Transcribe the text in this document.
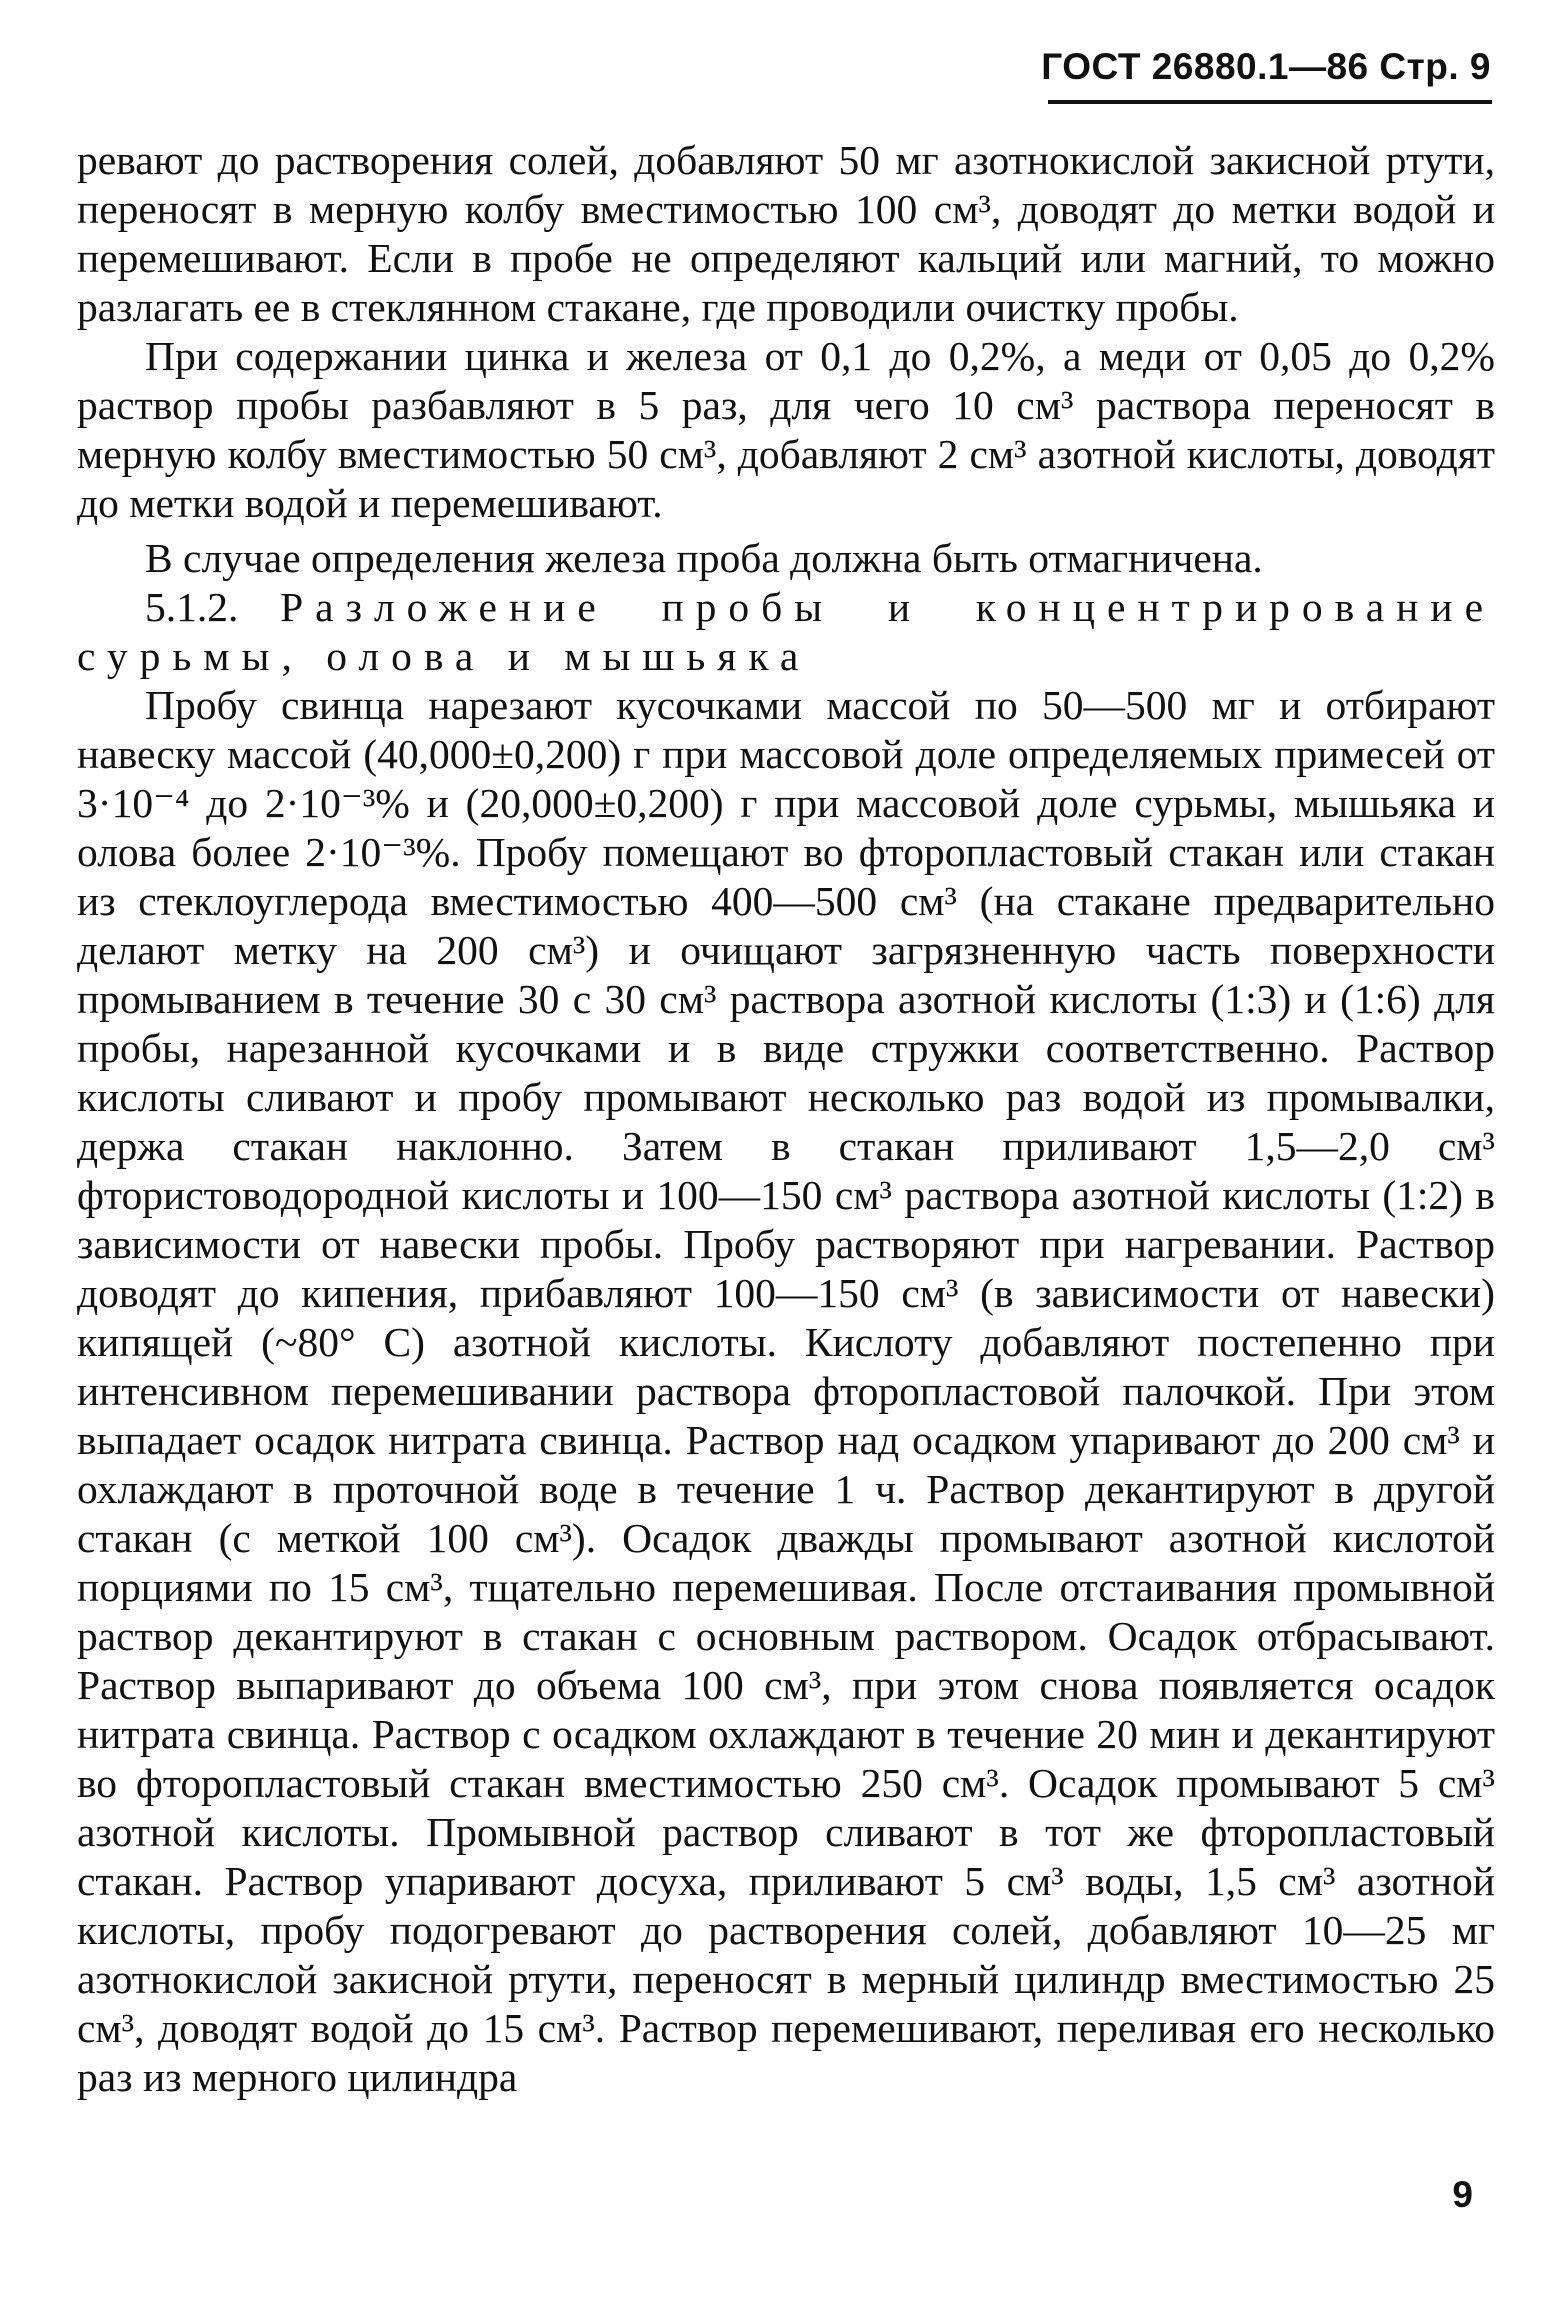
ГОСТ 26880.1—86 Стр. 9

ревают до растворения солей, добавляют 50 мг азотнокислой закисной ртути, переносят в мерную колбу вместимостью 100 см³, доводят до метки водой и перемешивают. Если в пробе не определяют кальций или магний, то можно разлагать ее в стеклянном стакане, где проводили очистку пробы.

При содержании цинка и железа от 0,1 до 0,2%, а меди от 0,05 до 0,2% раствор пробы разбавляют в 5 раз, для чего 10 см³ раствора переносят в мерную колбу вместимостью 50 см³, добавляют 2 см³ азотной кислоты, доводят до метки водой и перемешивают.

В случае определения железа проба должна быть отмагничена.

5.1.2. Разложение пробы и концентрирование сурьмы, олова и мышьяка

Пробу свинца нарезают кусочками массой по 50—500 мг и отбирают навеску массой (40,000±0,200) г при массовой доле определяемых примесей от 3·10⁻⁴ до 2·10⁻³% и (20,000±0,200) г при массовой доле сурьмы, мышьяка и олова более 2·10⁻³%. Пробу помещают во фторопластовый стакан или стакан из стеклоуглерода вместимостью 400—500 см³ (на стакане предварительно делают метку на 200 см³) и очищают загрязненную часть поверхности промыванием в течение 30 с 30 см³ раствора азотной кислоты (1:3) и (1:6) для пробы, нарезанной кусочками и в виде стружки соответственно. Раствор кислоты сливают и пробу промывают несколько раз водой из промывалки, держа стакан наклонно. Затем в стакан приливают 1,5—2,0 см³ фтористоводородной кислоты и 100—150 см³ раствора азотной кислоты (1:2) в зависимости от навески пробы. Пробу растворяют при нагревании. Раствор доводят до кипения, прибавляют 100—150 см³ (в зависимости от навески) кипящей (~80° С) азотной кислоты. Кислоту добавляют постепенно при интенсивном перемешивании раствора фторопластовой палочкой. При этом выпадает осадок нитрата свинца. Раствор над осадком упаривают до 200 см³ и охлаждают в проточной воде в течение 1 ч. Раствор декантируют в другой стакан (с меткой 100 см³). Осадок дважды промывают азотной кислотой порциями по 15 см³, тщательно перемешивая. После отстаивания промывной раствор декантируют в стакан с основным раствором. Осадок отбрасывают. Раствор выпаривают до объема 100 см³, при этом снова появляется осадок нитрата свинца. Раствор с осадком охлаждают в течение 20 мин и декантируют во фторопластовый стакан вместимостью 250 см³. Осадок промывают 5 см³ азотной кислоты. Промывной раствор сливают в тот же фторопластовый стакан. Раствор упаривают досуха, приливают 5 см³ воды, 1,5 см³ азотной кислоты, пробу подогревают до растворения солей, добавляют 10—25 мг азотнокислой закисной ртути, переносят в мерный цилиндр вместимостью 25 см³, доводят водой до 15 см³. Раствор перемешивают, переливая его несколько раз из мерного цилиндра

9
